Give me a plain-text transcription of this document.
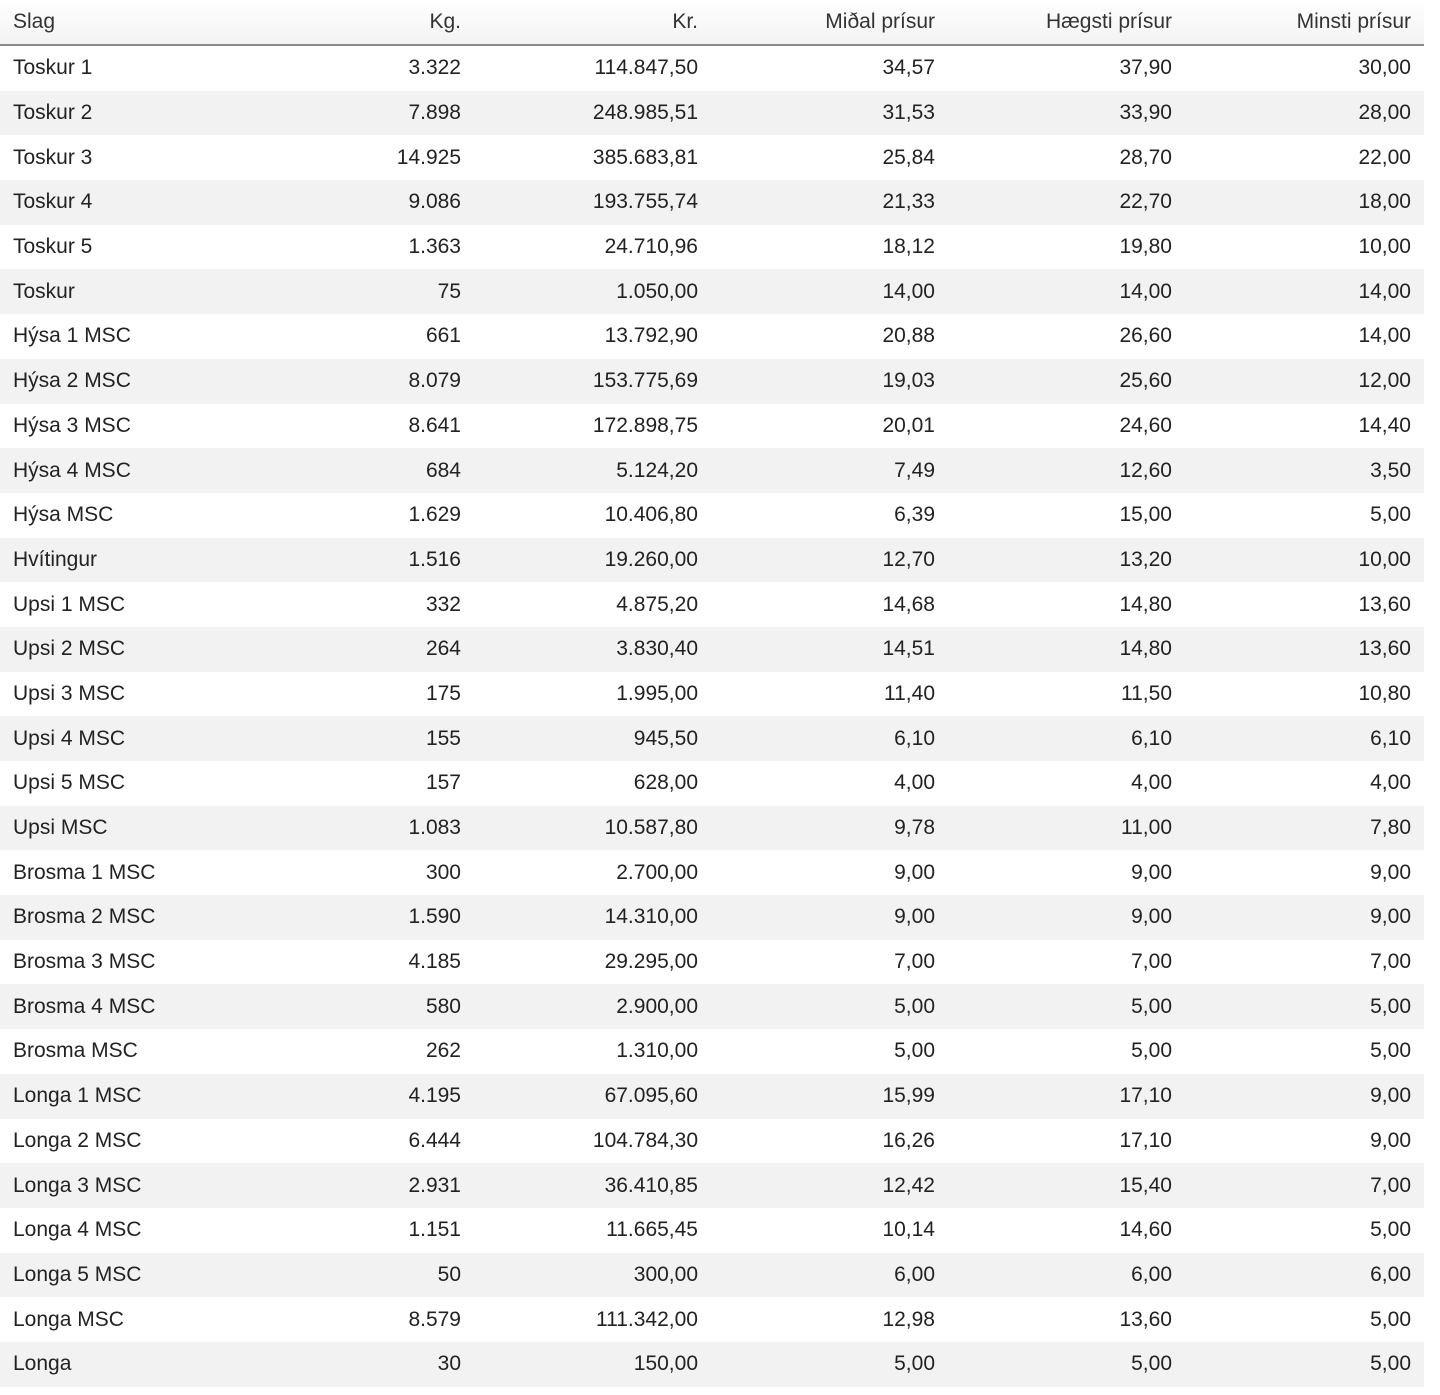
Slag	Kg.	Kr.	Miðal prísur	Hægsti prísur	Minsti prísur
Toskur 1	3.322	114.847,50	34,57	37,90	30,00
Toskur 2	7.898	248.985,51	31,53	33,90	28,00
Toskur 3	14.925	385.683,81	25,84	28,70	22,00
Toskur 4	9.086	193.755,74	21,33	22,70	18,00
Toskur 5	1.363	24.710,96	18,12	19,80	10,00
Toskur	75	1.050,00	14,00	14,00	14,00
Hýsa 1 MSC	661	13.792,90	20,88	26,60	14,00
Hýsa 2 MSC	8.079	153.775,69	19,03	25,60	12,00
Hýsa 3 MSC	8.641	172.898,75	20,01	24,60	14,40
Hýsa 4 MSC	684	5.124,20	7,49	12,60	3,50
Hýsa MSC	1.629	10.406,80	6,39	15,00	5,00
Hvítingur	1.516	19.260,00	12,70	13,20	10,00
Upsi 1 MSC	332	4.875,20	14,68	14,80	13,60
Upsi 2 MSC	264	3.830,40	14,51	14,80	13,60
Upsi 3 MSC	175	1.995,00	11,40	11,50	10,80
Upsi 4 MSC	155	945,50	6,10	6,10	6,10
Upsi 5 MSC	157	628,00	4,00	4,00	4,00
Upsi MSC	1.083	10.587,80	9,78	11,00	7,80
Brosma 1 MSC	300	2.700,00	9,00	9,00	9,00
Brosma 2 MSC	1.590	14.310,00	9,00	9,00	9,00
Brosma 3 MSC	4.185	29.295,00	7,00	7,00	7,00
Brosma 4 MSC	580	2.900,00	5,00	5,00	5,00
Brosma MSC	262	1.310,00	5,00	5,00	5,00
Longa 1 MSC	4.195	67.095,60	15,99	17,10	9,00
Longa 2 MSC	6.444	104.784,30	16,26	17,10	9,00
Longa 3 MSC	2.931	36.410,85	12,42	15,40	7,00
Longa 4 MSC	1.151	11.665,45	10,14	14,60	5,00
Longa 5 MSC	50	300,00	6,00	6,00	6,00
Longa MSC	8.579	111.342,00	12,98	13,60	5,00
Longa	30	150,00	5,00	5,00	5,00
